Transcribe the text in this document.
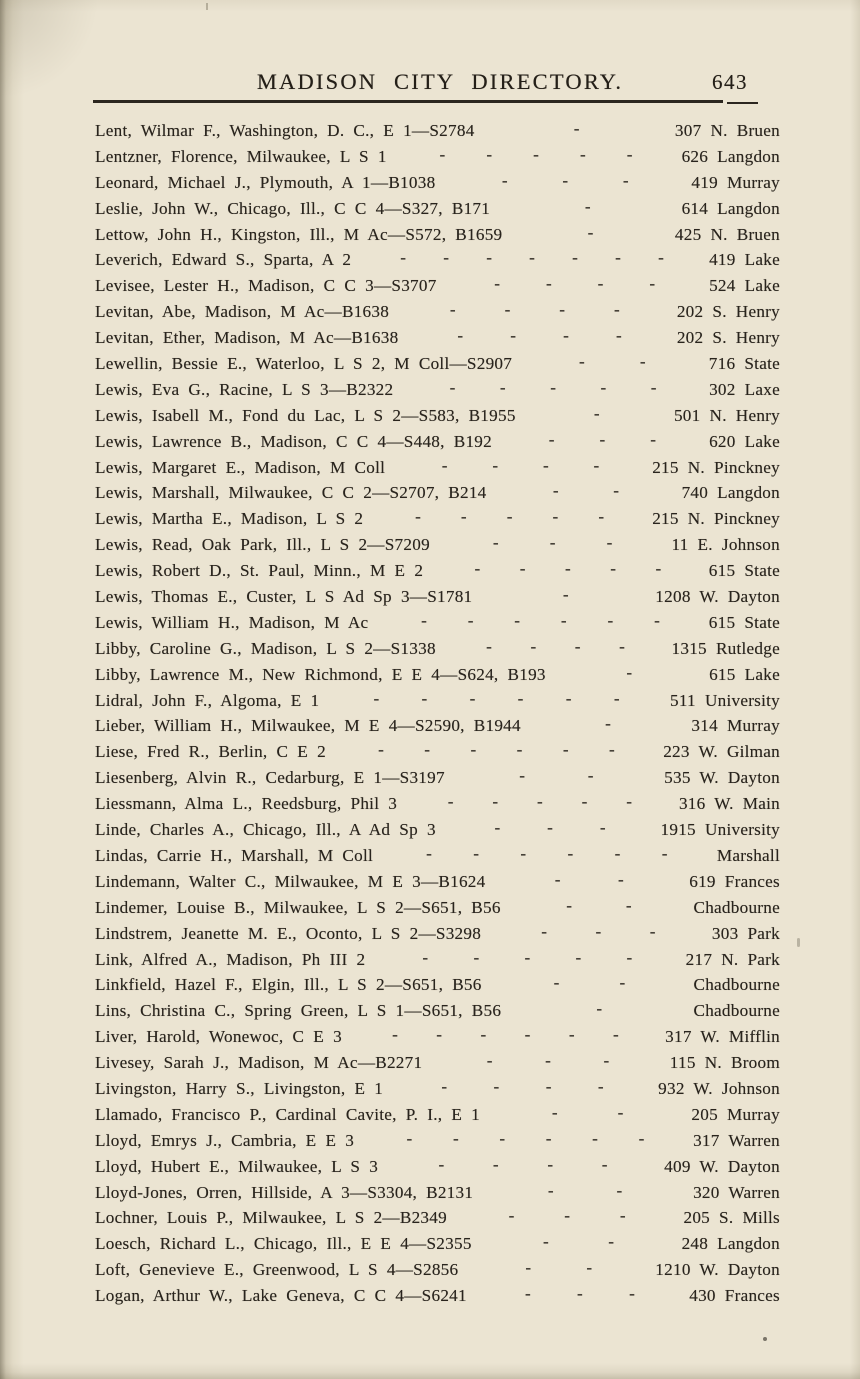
MADISON CITY DIRECTORY.	643
Lent, Wilmar F., Washington, D. C., E 1—S2784	-	307 N. Bruen
Lentzner, Florence, Milwaukee, L S 1	- - - - -	626 Langdon
Leonard, Michael J., Plymouth, A 1—B1038	-	-	-	419 Murray
Leslie, John W., Chicago, Ill., C C 4—S327, B171	-	614 Langdon
Lettow, John H., Kingston, Ill., M Ac—S572, B1659	-	425 N. Bruen
Leverich, Edward S., Sparta, A 2	- - - - - - -	419 Lake
Levisee, Lester H., Madison, C C 3—S3707	-	-	-	-	524 Lake
Levitan, Abe, Madison, M Ac—B1638	-	-	-	-	202 S. Henry
Levitan, Ether, Madison, M Ac—B1638	-	-	-	-	202 S. Henry
Lewellin, Bessie E., Waterloo, L S 2, M Coll—S2907	-	-	716 State
Lewis, Eva G., Racine, L S 3—B2322	-	-	-	-	-	302 Laxe
Lewis, Isabell M., Fond du Lac, L S 2—S583, B1955	-	501 N. Henry
Lewis, Lawrence B., Madison, C C 4—S448, B192	-	-	-	620 Lake
Lewis, Margaret E., Madison, M Coll	-	-	-	-	215 N. Pinckney
Lewis, Marshall, Milwaukee, C C 2—S2707, B214	-	-	740 Langdon
Lewis, Martha E., Madison, L S 2	- - - - -	215 N. Pinckney
Lewis, Read, Oak Park, Ill., L S 2—S7209	-	-	-	11 E. Johnson
Lewis, Robert D., St. Paul, Minn., M E 2	- - - - -	615 State
Lewis, Thomas E., Custer, L S Ad Sp 3—S1781	-	1208 W. Dayton
Lewis, William H., Madison, M Ac	- - - - - -	615 State
Libby, Caroline G., Madison, L S 2—S1338	- - - -	1315 Rutledge
Libby, Lawrence M., New Richmond, E E 4—S624, B193	-	615 Lake
Lidral, John F., Algoma, E 1	- - - - - -	511 University
Lieber, William H., Milwaukee, M E 4—S2590, B1944	-	314 Murray
Liese, Fred R., Berlin, C E 2	- - - - - -	223 W. Gilman
Liesenberg, Alvin R., Cedarburg, E 1—S3197	-	-	535 W. Dayton
Liessmann, Alma L., Reedsburg, Phil 3	- - - - -	316 W. Main
Linde, Charles A., Chicago, Ill., A Ad Sp 3	-	-	-	1915 University
Lindas, Carrie H., Marshall, M Coll	- - - - - -	Marshall
Lindemann, Walter C., Milwaukee, M E 3—B1624	-	-	619 Frances
Lindemer, Louise B., Milwaukee, L S 2—S651, B56	-	-	Chadbourne
Lindstrem, Jeanette M. E., Oconto, L S 2—S3298	-	-	-	303 Park
Link, Alfred A., Madison, Ph III 2	-	-	-	-	-	217 N. Park
Linkfield, Hazel F., Elgin, Ill., L S 2—S651, B56	-	-	Chadbourne
Lins, Christina C., Spring Green, L S 1—S651, B56	-	Chadbourne
Liver, Harold, Wonewoc, C E 3	- - - - - -	317 W. Mifflin
Livesey, Sarah J., Madison, M Ac—B2271	-	-	-	115 N. Broom
Livingston, Harry S., Livingston, E 1	-	-	-	-	932 W. Johnson
Llamado, Francisco P., Cardinal Cavite, P. I., E 1	-	-	205 Murray
Lloyd, Emrys J., Cambria, E E 3	- - - - - -	317 Warren
Lloyd, Hubert E., Milwaukee, L S 3	-	-	-	-	409 W. Dayton
Lloyd-Jones, Orren, Hillside, A 3—S3304, B2131	-	-	320 Warren
Lochner, Louis P., Milwaukee, L S 2—B2349	-	-	-	205 S. Mills
Loesch, Richard L., Chicago, Ill., E E 4—S2355	-	-	248 Langdon
Loft, Genevieve E., Greenwood, L S 4—S2856	-	-	1210 W. Dayton
Logan, Arthur W., Lake Geneva, C C 4—S6241	-	-	-	430 Frances
